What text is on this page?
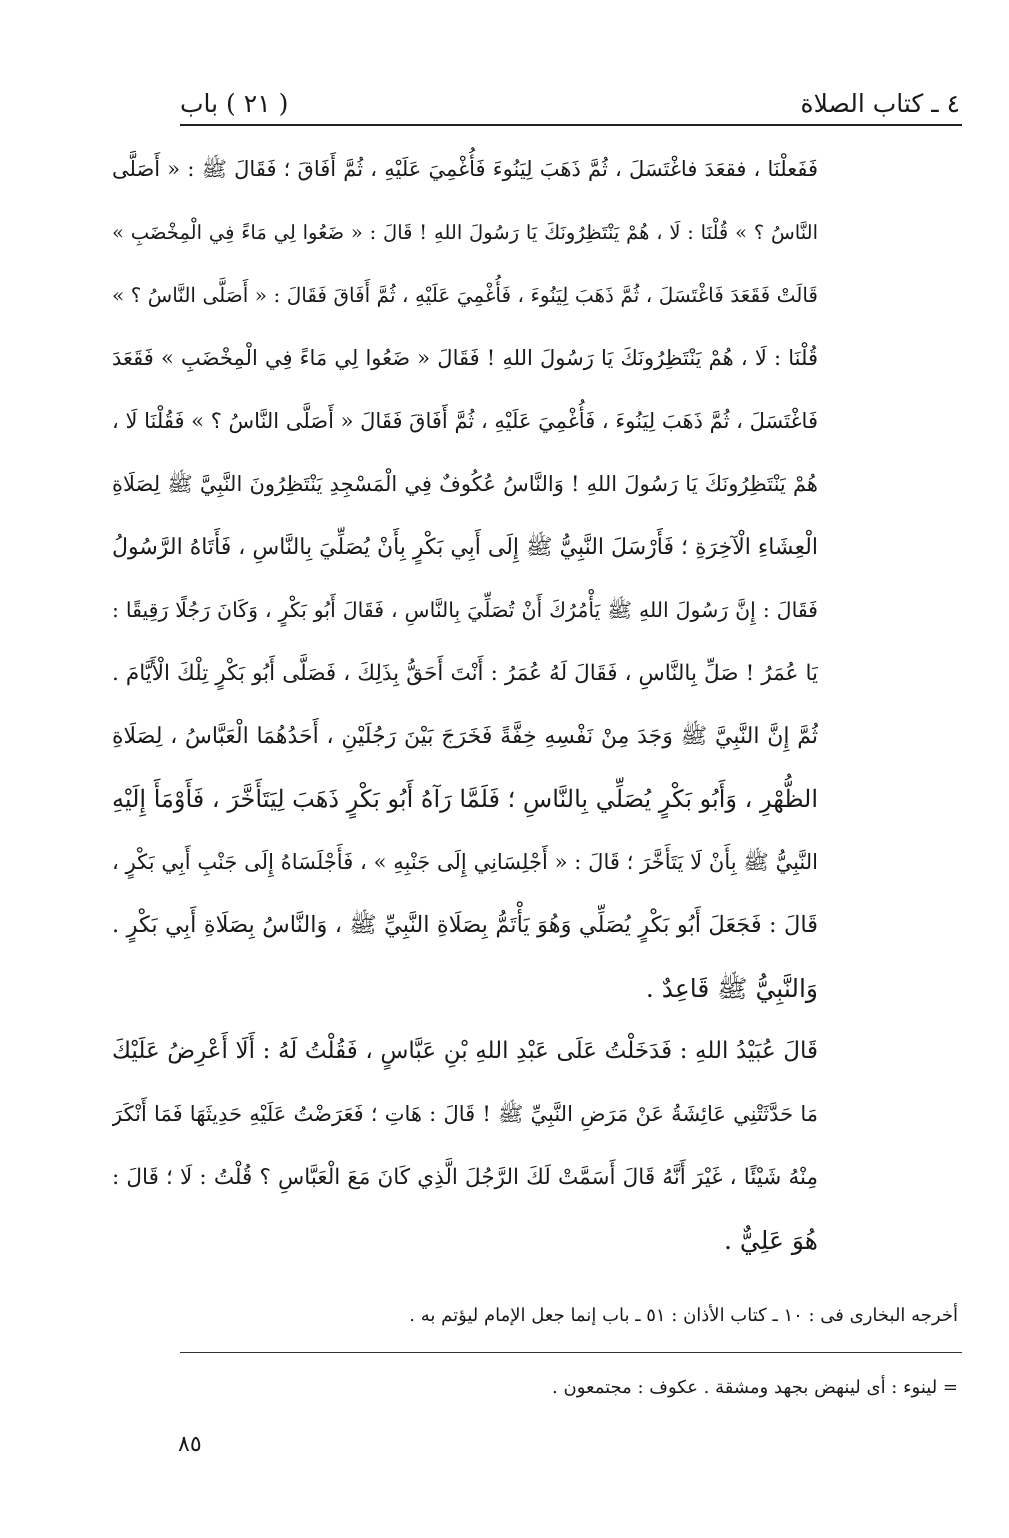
( ٢١ ) باب	٤ ـ كتاب الصلاة
فَفَعلْنَا ، فقعَدَ فاغْتَسَلَ ، ثُمَّ ذَهَبَ لِيَنُوءَ فَأُغْمِيَ عَلَيْهِ ، ثُمَّ أَفَاقَ ؛ فَقَالَ ﷺ : « أَصَلَّى
النَّاسُ ؟ » قُلْنَا : لَا ، هُمْ يَنْتَظِرُونَكَ يَا رَسُولَ اللهِ ! قَالَ : « ضَعُوا لِي مَاءً فِي الْمِخْضَبِ »
قَالَتْ فَقَعَدَ فَاغْتَسَلَ ، ثُمَّ ذَهَبَ لِيَنُوءَ ، فَأُغْمِيَ عَلَيْهِ ، ثُمَّ أَفَاقَ فَقَالَ : « أَصَلَّى النَّاسُ ؟ »
قُلْنَا : لَا ، هُمْ يَنْتَظِرُونَكَ يَا رَسُولَ اللهِ ! فَقَالَ « ضَعُوا لِي مَاءً فِي الْمِخْضَبِ » فَقَعَدَ
فَاغْتَسَلَ ، ثُمَّ ذَهَبَ لِيَنُوءَ ، فَأُغْمِيَ عَلَيْهِ ، ثُمَّ أَفَاقَ فَقَالَ « أَصَلَّى النَّاسُ ؟ » فَقُلْنَا لَا ،
هُمْ يَنْتَظِرُونَكَ يَا رَسُولَ اللهِ ! وَالنَّاسُ عُكُوفٌ فِي الْمَسْجِدِ يَنْتَظِرُونَ النَّبِيَّ ﷺ لِصَلَاةِ
الْعِشَاءِ الْآخِرَةِ ؛ فَأَرْسَلَ النَّبِيُّ ﷺ إِلَى أَبِي بَكْرٍ بِأَنْ يُصَلِّيَ بِالنَّاسِ ، فَأَتَاهُ الرَّسُولُ
فَقَالَ : إِنَّ رَسُولَ اللهِ ﷺ يَأْمُرُكَ أَنْ تُصَلِّيَ بِالنَّاسِ ، فَقَالَ أَبُو بَكْرٍ ، وَكَانَ رَجُلًا رَقِيقًا :
يَا عُمَرُ ! صَلِّ بِالنَّاسِ ، فَقَالَ لَهُ عُمَرُ : أَنْتَ أَحَقُّ بِذَلِكَ ، فَصَلَّى أَبُو بَكْرٍ تِلْكَ الْأَيَّامَ .
ثُمَّ إِنَّ النَّبِيَّ ﷺ وَجَدَ مِنْ نَفْسِهِ خِفَّةً فَخَرَجَ بَيْنَ رَجُلَيْنِ ، أَحَدُهُمَا الْعَبَّاسُ ، لِصَلَاةِ
الظُّهْرِ ، وَأَبُو بَكْرٍ يُصَلِّي بِالنَّاسِ ؛ فَلَمَّا رَآهُ أَبُو بَكْرٍ ذَهَبَ لِيَتَأَخَّرَ ، فَأَوْمَأَ إِلَيْهِ
النَّبِيُّ ﷺ بِأَنْ لَا يَتَأَخَّرَ ؛ قَالَ : « أَجْلِسَانِي إِلَى جَنْبِهِ » ، فَأَجْلَسَاهُ إِلَى جَنْبِ أَبِي بَكْرٍ ،
قَالَ : فَجَعَلَ أَبُو بَكْرٍ يُصَلِّي وَهُوَ يَأْتَمُّ بِصَلَاةِ النَّبِيِّ ﷺ ، وَالنَّاسُ بِصَلَاةِ أَبِي بَكْرٍ .
وَالنَّبِيُّ ﷺ قَاعِدٌ .
قَالَ عُبَيْدُ اللهِ : فَدَخَلْتُ عَلَى عَبْدِ اللهِ بْنِ عَبَّاسٍ ، فَقُلْتُ لَهُ : أَلَا أَعْرِضُ عَلَيْكَ
مَا حَدَّثَتْنِي عَائِشَةُ عَنْ مَرَضِ النَّبِيِّ ﷺ ! قَالَ : هَاتِ ؛ فَعَرَضْتُ عَلَيْهِ حَدِيثَهَا فَمَا أَنْكَرَ
مِنْهُ شَيْئًا ، غَيْرَ أَنَّهُ قَالَ أَسَمَّتْ لَكَ الرَّجُلَ الَّذِي كَانَ مَعَ الْعَبَّاسِ ؟ قُلْتُ : لَا ؛ قَالَ :
هُوَ عَلِيٌّ .
أخرجه البخارى فى : ١٠ ـ كتاب الأذان : ٥١ ـ باب إنما جعل الإمام ليؤتم به .
= لينوء : أى لينهض بجهد ومشقة . عكوف : مجتمعون .
٨٥
